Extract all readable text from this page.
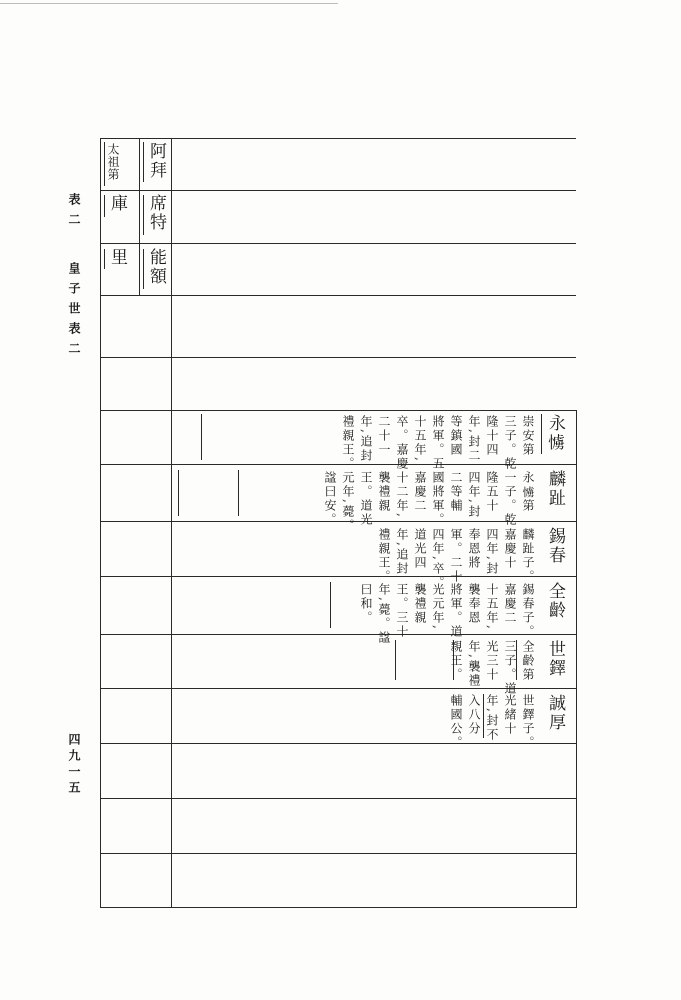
表二
皇子世表二
四九一五
太祖第
庫
里
阿拜
席特
能額
永𢢛
崇安第
三子。乾
隆十四
年,封二
等鎮國
將軍。五
十五年,
卒。嘉慶
二十一
年,追封
禮親王。
麟趾
永𢢛第
一子。乾
隆五十
四年,封
二等輔
國將軍。
嘉慶二
十二年,
襲禮親
王。道光
元年,薨。
諡曰安。
錫春
麟趾子。
嘉慶十
四年,封
奉恩將
軍。二十
四年,卒。
道光四
年,追封
禮親王。
全齡
錫春子。
嘉慶二
十五年,
襲奉恩
將軍。道
光元年,
襲禮親
王。三十
年,薨。諡
曰和。
世鐸
全齡第
三子。道
光三十
年,襲禮
親王。
誠厚
世鐸子。
光緒十
年,封不
入八分
輔國公。
